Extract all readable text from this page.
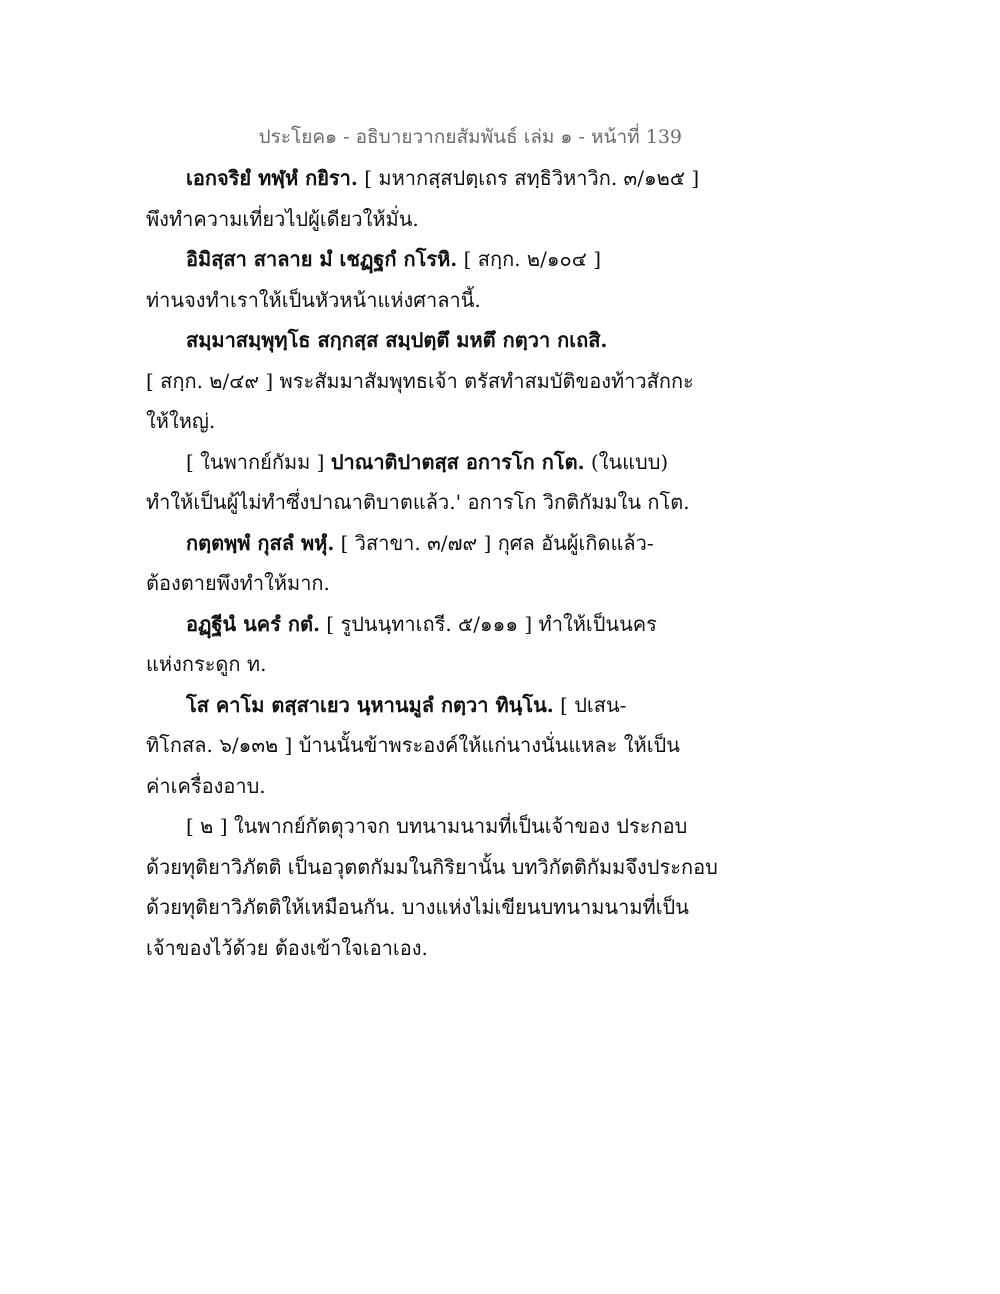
ประโยค๑ - อธิบายวากยสัมพันธ์ เล่ม ๑ - หน้าที่ 139
เอกจริยํ ทฬฺหํ กยิรา. [ มหากสฺสปตฺเถร สทฺธิวิหาวิก. ๓/๑๒๕ ]
พึงทำความเที่ยวไปผู้เดียวให้มั่น.
อิมิสฺสา สาลาย มํ เชฏฺฐกํ กโรหิ. [ สกฺก. ๒/๑๐๔ ]
ท่านจงทำเราให้เป็นหัวหน้าแห่งศาลานี้.
สมฺมาสมฺพุทฺโธ สกฺกสฺส สมฺปตฺตึ มหตึ กตฺวา กเถสิ.
[ สกฺก. ๒/๔๙ ] พระสัมมาสัมพุทธเจ้า ตรัสทำสมบัติของท้าวสักกะ
ให้ใหญ่.
[ ในพากย์กัมม ] ปาณาติปาตสฺส อการโก กโต. (ในแบบ)
ทำให้เป็นผู้ไม่ทำซึ่งปาณาติบาตแล้ว.' อการโก วิกติกัมมใน กโต.
กตฺตพฺพํ กุสลํ พหุํ. [ วิสาขา. ๓/๗๙ ] กุศล อันผู้เกิดแล้ว-
ต้องตายพึงทำให้มาก.
อฏฺฐีนํ นครํ กตํ. [ รูปนนฺทาเถรี. ๕/๑๑๑ ] ทำให้เป็นนคร
แห่งกระดูก ท.
โส คาโม ตสฺสาเยว นฺหานมูลํ กตฺวา ทินฺโน. [ ปเสน-
ทิโกสล. ๖/๑๓๒ ] บ้านนั้นข้าพระองค์ให้แก่นางนั่นแหละ ให้เป็น
ค่าเครื่องอาบ.
[ ๒ ] ในพากย์กัตตุวาจก บทนามนามที่เป็นเจ้าของ ประกอบ
ด้วยทุติยาวิภัตติ เป็นอวุตตกัมมในกิริยานั้น บทวิกัตติกัมมจึงประกอบ
ด้วยทุติยาวิภัตติให้เหมือนกัน. บางแห่งไม่เขียนบทนามนามที่เป็น
เจ้าของไว้ด้วย ต้องเข้าใจเอาเอง.
